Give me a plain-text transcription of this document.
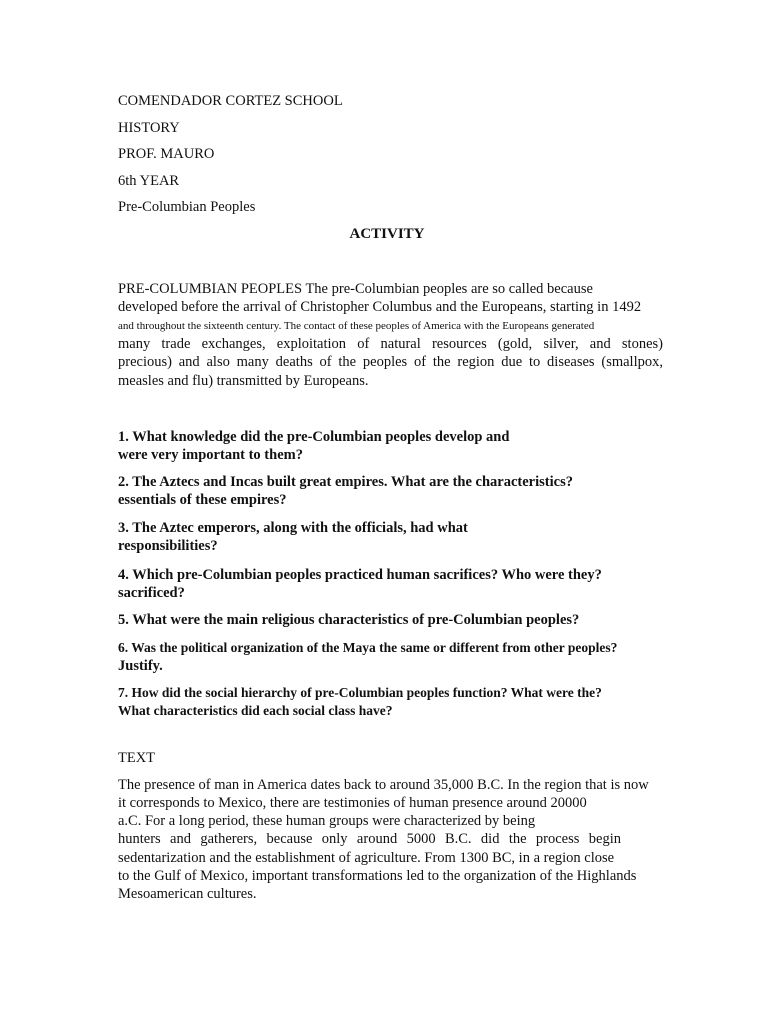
COMENDADOR CORTEZ SCHOOL
HISTORY
PROF. MAURO
6th YEAR
Pre-Columbian Peoples
ACTIVITY
PRE-COLUMBIAN PEOPLES The pre-Columbian peoples are so called because
developed before the arrival of Christopher Columbus and the Europeans, starting in 1492
and throughout the sixteenth century. The contact of these peoples of America with the Europeans generated
many trade exchanges, exploitation of natural resources (gold, silver, and stones)
precious) and also many deaths of the peoples of the region due to diseases (smallpox,
measles and flu) transmitted by Europeans.
1. What knowledge did the pre-Columbian peoples develop and
were very important to them?
2. The Aztecs and Incas built great empires. What are the characteristics?
essentials of these empires?
3. The Aztec emperors, along with the officials, had what
responsibilities?
4. Which pre-Columbian peoples practiced human sacrifices? Who were they?
sacrificed?
5. What were the main religious characteristics of pre-Columbian peoples?
6. Was the political organization of the Maya the same or different from other peoples?
Justify.
7. How did the social hierarchy of pre-Columbian peoples function? What were the?
What characteristics did each social class have?
TEXT
The presence of man in America dates back to around 35,000 B.C. In the region that is now
it corresponds to Mexico, there are testimonies of human presence around 20000
a.C. For a long period, these human groups were characterized by being
hunters and gatherers, because only around 5000 B.C. did the process begin
sedentarization and the establishment of agriculture. From 1300 BC, in a region close
to the Gulf of Mexico, important transformations led to the organization of the Highlands
Mesoamerican cultures.
